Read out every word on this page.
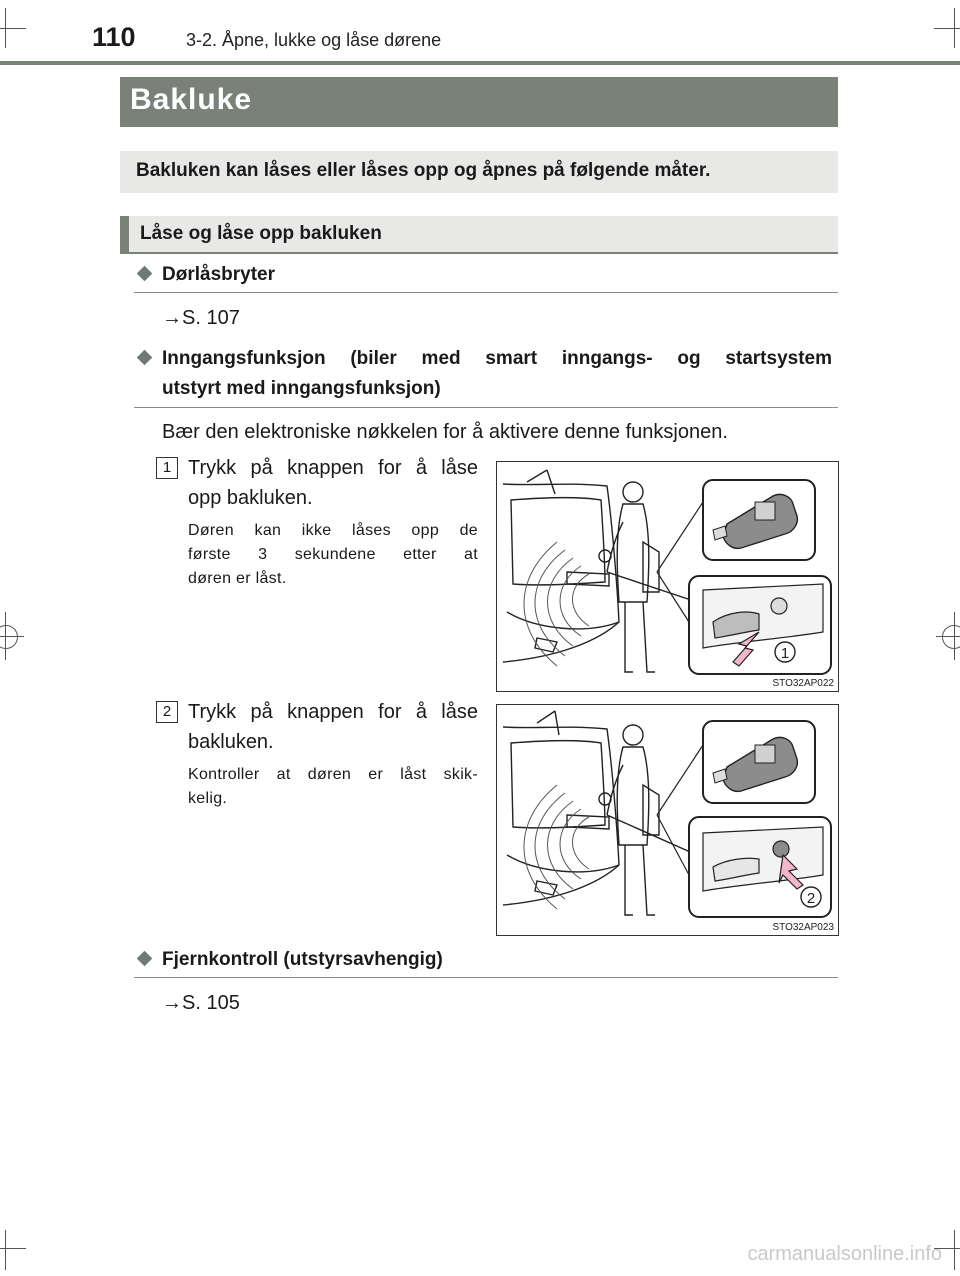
110	3-2. Åpne, lukke og låse dørene
Bakluke
Bakluken kan låses eller låses opp og åpnes på følgende måter.
Låse og låse opp bakluken
Dørlåsbryter
→S. 107
Inngangsfunksjon (biler med smart inngangs- og startsystem
utstyrt med inngangsfunksjon)
Bær den elektroniske nøkkelen for å aktivere denne funksjonen.
1 Trykk på knappen for å låse
opp bakluken.
Døren kan ikke låses opp de
første 3 sekundene etter at
døren er låst.
1
STO32AP022
2 Trykk på knappen for å låse
bakluken.
Kontroller at døren er låst skik-
kelig.
2
STO32AP023
Fjernkontroll (utstyrsavhengig)
→S. 105
carmanualsonline.info
